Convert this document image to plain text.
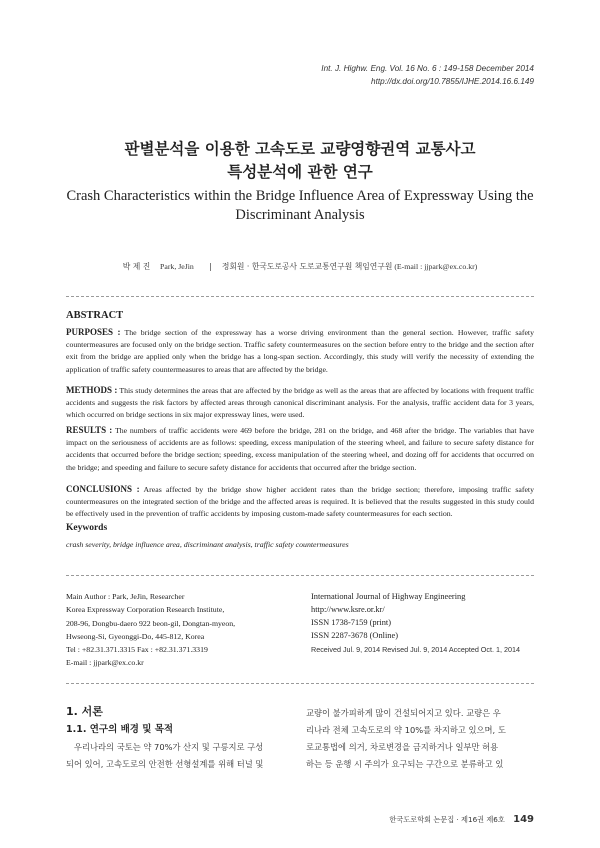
Int. J. Highw. Eng. Vol. 16 No. 6 : 149-158 December 2014
http://dx.doi.org/10.7855/IJHE.2014.16.6.149
판별분석을 이용한 고속도로 교량영향권역 교통사고
특성분석에 관한 연구
Crash Characteristics within the Bridge Influence Area of Expressway Using the
Discriminant Analysis
박 제 진 Park, JeJin | 정회원 · 한국도로공사 도로교통연구원 책임연구원 (E-mail : jjpark@ex.co.kr)
ABSTRACT
PURPOSES : The bridge section of the expressway has a worse driving environment than the general section. However, traffic safety countermeasures are focused only on the bridge section. Traffic safety countermeasures on the section before entry to the bridge and the section after exit from the bridge are applied only when the bridge has a long-span section. Accordingly, this study will verify the necessity of extending the application of traffic safety countermeasures to areas that are affected by the bridge.
METHODS : This study determines the areas that are affected by the bridge as well as the areas that are affected by locations with frequent traffic accidents and suggests the risk factors by affected areas through canonical discriminant analysis. For the analysis, traffic accident data for 3 years, which occurred on bridge sections in six major expressway lines, were used.
RESULTS : The numbers of traffic accidents were 469 before the bridge, 281 on the bridge, and 468 after the bridge. The variables that have impact on the seriousness of accidents are as follows: speeding, excess manipulation of the steering wheel, and failure to secure safety distance for accidents that occurred before the bridge section; speeding, excess manipulation of the steering wheel, and dozing off for accidents that occurred on the bridge; and speeding and failure to secure safety distance for accidents that occurred after the bridge section.
CONCLUSIONS : Areas affected by the bridge show higher accident rates than the bridge section; therefore, imposing traffic safety countermeasures on the integrated section of the bridge and the affected areas is required. It is believed that the results suggested in this study could be effectively used in the prevention of traffic accidents by imposing custom-made safety countermeasures for each section.
Keywords
crash severity, bridge influence area, discriminant analysis, traffic safety countermeasures
Main Author : Park, JeJin, Researcher
Korea Expressway Corporation Research Institute,
208-96, Dongbu-daero 922 beon-gil, Dongtan-myeon,
Hwseong-Si, Gyeonggi-Do, 445-812, Korea
Tel : +82.31.371.3315 Fax : +82.31.371.3319
E-mail : jjpark@ex.co.kr
International Journal of Highway Engineering
http://www.ksre.or.kr/
ISSN 1738-7159 (print)
ISSN 2287-3678 (Online)
Received Jul. 9, 2014 Revised Jul. 9, 2014 Accepted Oct. 1, 2014
1. 서론
1.1. 연구의 배경 및 목적
우리나라의 국토는 약 70%가 산지 및 구릉지로 구성
되어 있어, 고속도로의 안전한 선형설계를 위해 터널 및
교량이 불가피하게 많이 건설되어지고 있다. 교량은 우
리나라 전체 고속도로의 약 10%를 차지하고 있으며, 도
로교통법에 의거, 차로변경을 금지하거나 일부만 허용
하는 등 운행 시 주의가 요구되는 구간으로 분류하고 있
한국도로학회 논문집 · 제16권 제6호 149
